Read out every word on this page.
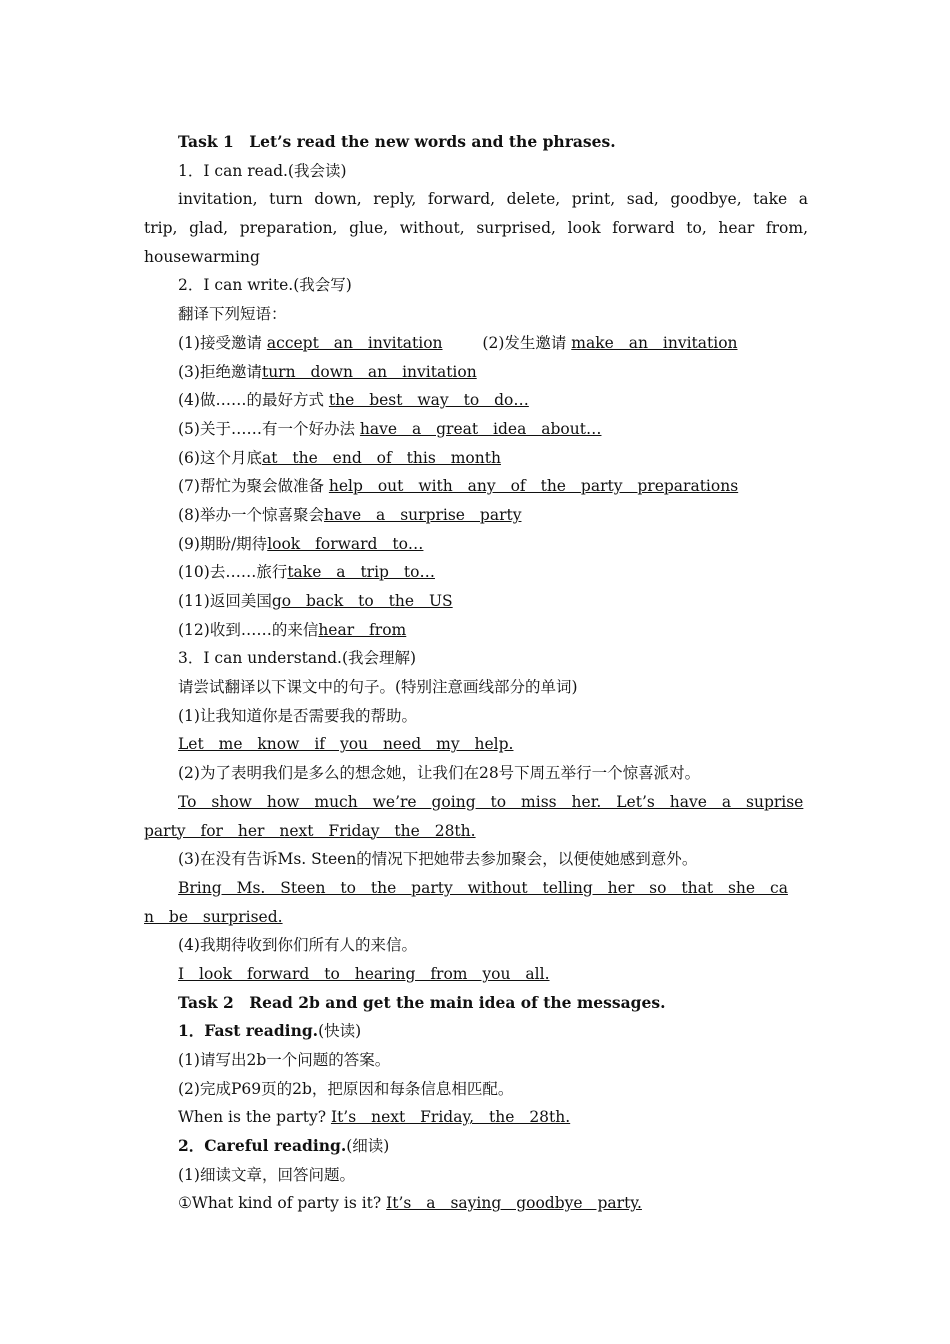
Task 1　Let’s read the new words and the phrases.
1．I can read.(我会读)
invitation, turn down, reply, forward, delete, print, sad, goodbye, take a
trip, glad, preparation, glue, without, surprised, look forward to, hear from,
housewarming
2．I can write.(我会写)
翻译下列短语：
(1)接受邀请 accept an invitation	(2)发生邀请 make an invitation
(3)拒绝邀请turn down an invitation
(4)做……的最好方式 the best way to do…
(5)关于……有一个好办法 have a great idea about…
(6)这个月底at the end of this month
(7)帮忙为聚会做准备 help out with any of the party preparations
(8)举办一个惊喜聚会have a surprise party
(9)期盼/期待look forward to…
(10)去……旅行take a trip to…
(11)返回美国go back to the US
(12)收到……的来信hear from
3．I can understand.(我会理解)
请尝试翻译以下课文中的句子。(特别注意画线部分的单词)
(1)让我知道你是否需要我的帮助。
Let me know if you need my help.
(2)为了表明我们是多么的想念她，让我们在28号下周五举行一个惊喜派对。
To show how much we’re going to miss her. Let’s have a suprise
party for her next Friday the 28th.
(3)在没有告诉Ms. Steen的情况下把她带去参加聚会，以便使她感到意外。
Bring Ms. Steen to the party without telling her so that she ca
n be surprised.
(4)我期待收到你们所有人的来信。
I look forward to hearing from you all.
Task 2　Read 2b and get the main idea of the messages.
1．Fast reading.(快读)
(1)请写出2b一个问题的答案。
(2)完成P69页的2b，把原因和每条信息相匹配。
When is the party? It’s next Friday, the 28th.
2．Careful reading.(细读)
(1)细读文章，回答问题。
①What kind of party is it? It’s a saying goodbye party.
